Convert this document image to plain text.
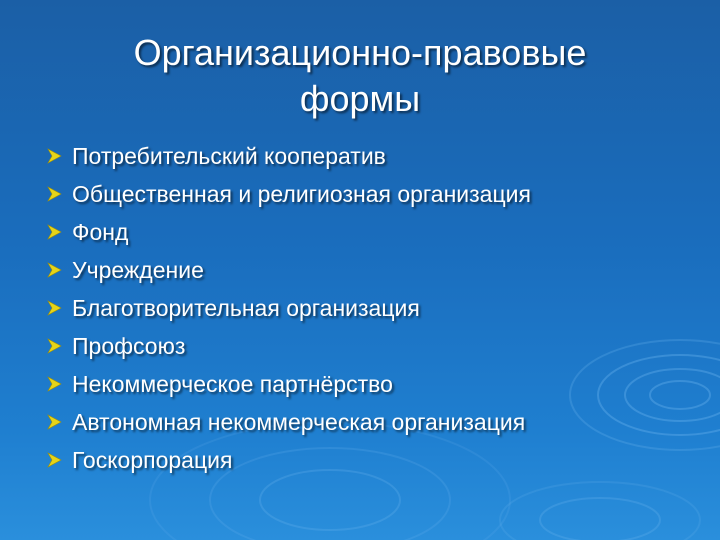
Организационно-правовые
формы
Потребительский кооператив
Общественная и религиозная организация
Фонд
Учреждение
Благотворительная организация
Профсоюз
Некоммерческое партнёрство
Автономная некоммерческая организация
Госкорпорация
